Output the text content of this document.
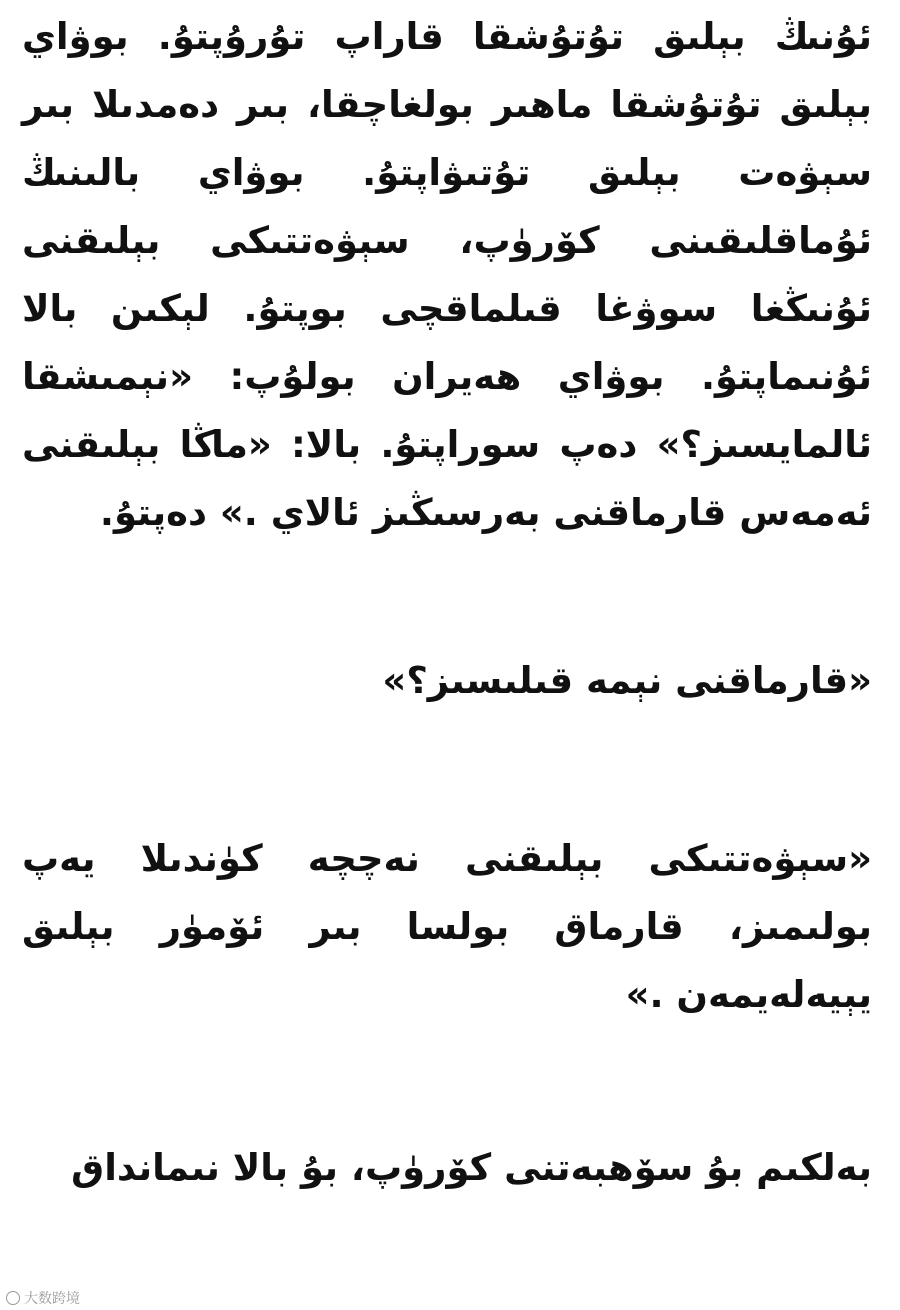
ئۇنىڭ بېلىق تۇتۇشقا قاراپ تۇرۇپتۇ. بوۋاي بېلىق تۇتۇشقا ماھىر بولغاچقا، بىر دەمدىلا بىر سېۋەت بېلىق تۇتىۋاپتۇ. بوۋاي بالىنىڭ ئۇماقلىقىنى كۆرۈپ، سېۋەتتىكى بېلىقنى ئۇنىڭغا سوۋغا قىلماقچى بوپتۇ. لېكىن بالا ئۇنىماپتۇ. بوۋاي ھەيران بولۇپ: «نېمىشقا ئالمايسىز؟» دەپ سوراپتۇ. بالا: «ماڭا بېلىقنى ئەمەس قارماقنى بەرسىڭىز ئالاي .» دەپتۇ.

«قارماقنى نېمە قىلىسىز؟»

«سېۋەتتىكى بېلىقنى نەچچە كۈندىلا يەپ بولىمىز، قارماق بولسا بىر ئۆمۈر بېلىق يېيەلەيمەن .»

بەلكىم بۇ سۆھبەتنى كۆرۈپ، بۇ بالا نىمانداق

大数跨境
